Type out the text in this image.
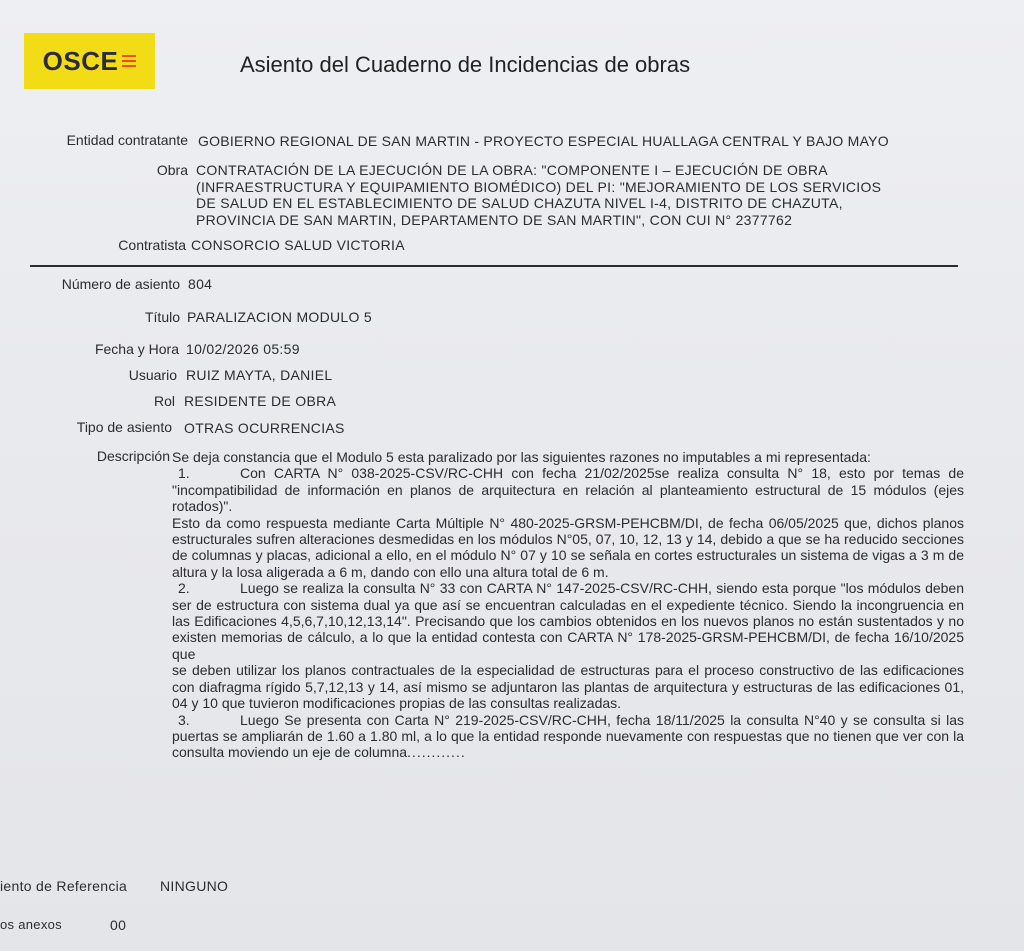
OSCE	Asiento del Cuaderno de Incidencias de obras
Entidad contratante GOBIERNO REGIONAL DE SAN MARTIN - PROYECTO ESPECIAL HUALLAGA CENTRAL Y BAJO MAYO
Obra CONTRATACIÓN DE LA EJECUCIÓN DE LA OBRA: "COMPONENTE I – EJECUCIÓN DE OBRA
(INFRAESTRUCTURA Y EQUIPAMIENTO BIOMÉDICO) DEL PI: "MEJORAMIENTO DE LOS SERVICIOS
DE SALUD EN EL ESTABLECIMIENTO DE SALUD CHAZUTA NIVEL I-4, DISTRITO DE CHAZUTA,
PROVINCIA DE SAN MARTIN, DEPARTAMENTO DE SAN MARTIN", CON CUI N° 2377762
Contratista CONSORCIO SALUD VICTORIA
Número de asiento 804
Título PARALIZACION MODULO 5
Fecha y Hora 10/02/2026 05:59
Usuario RUIZ MAYTA, DANIEL
Rol RESIDENTE DE OBRA
Tipo de asiento OTRAS OCURRENCIAS
Descripción Se deja constancia que el Modulo 5 esta paralizado por las siguientes razones no imputables a mi representada:

1.	Con CARTA N° 038-2025-CSV/RC-CHH con fecha 21/02/2025se realiza consulta N° 18, esto por temas de "incompatibilidad de información en planos de arquitectura en relación al planteamiento estructural de 15 módulos (ejes rotados)".

Esto da como respuesta mediante Carta Múltiple N° 480-2025-GRSM-PEHCBM/DI, de fecha 06/05/2025 que, dichos planos estructurales sufren alteraciones desmedidas en los módulos N°05, 07, 10, 12, 13 y 14, debido a que se ha reducido secciones de columnas y placas, adicional a ello, en el módulo N° 07 y 10 se señala en cortes estructurales un sistema de vigas a 3 m de altura y la losa aligerada a 6 m, dando con ello una altura total de 6 m.

2.	Luego se realiza la consulta N° 33 con CARTA N° 147-2025-CSV/RC-CHH, siendo esta porque "los módulos deben ser de estructura con sistema dual ya que así se encuentran calculadas en el expediente técnico. Siendo la incongruencia en las Edificaciones 4,5,6,7,10,12,13,14". Precisando que los cambios obtenidos en los nuevos planos no están sustentados y no existen memorias de cálculo, a lo que la entidad contesta con CARTA N° 178-2025-GRSM-PEHCBM/DI, de fecha 16/10/2025 que

se deben utilizar los planos contractuales de la especialidad de estructuras para el proceso constructivo de las edificaciones con diafragma rígido 5,7,12,13 y 14, así mismo se adjuntaron las plantas de arquitectura y estructuras de las edificaciones 01, 04 y 10 que tuvieron modificaciones propias de las consultas realizadas.

3.	Luego Se presenta con Carta N° 219-2025-CSV/RC-CHH, fecha 18/11/2025 la consulta N°40 y se consulta si las puertas se ampliarán de 1.60 a 1.80 ml, a lo que la entidad responde nuevamente con respuestas que no tienen que ver con la consulta moviendo un eje de columna............

iento de Referencia NINGUNO
os anexos	00
